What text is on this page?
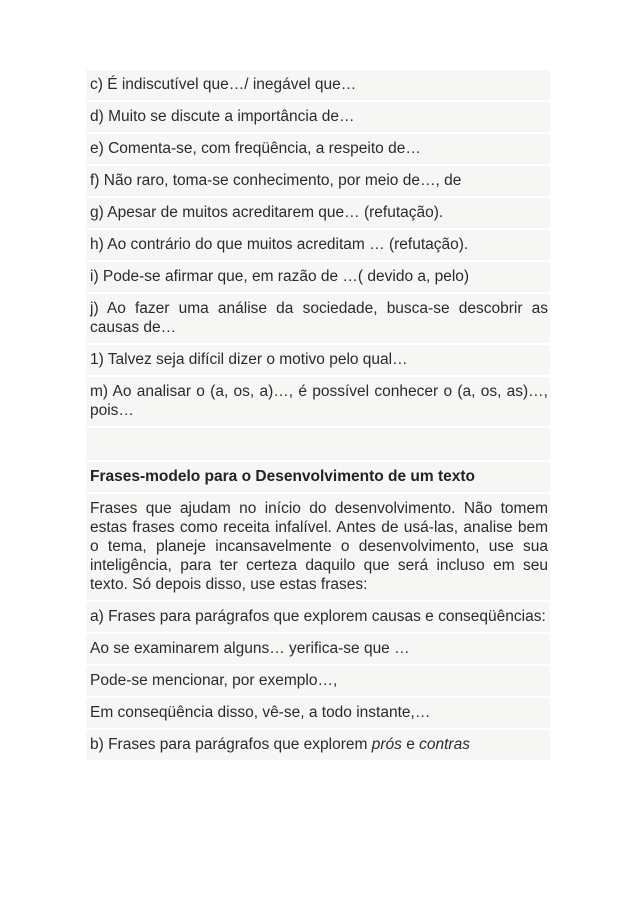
c) É indiscutível que…/ inegável que…
d) Muito se discute a importância de…
e) Comenta-se, com freqüência, a respeito de…
f) Não raro, toma-se conhecimento, por meio de…, de
g) Apesar de muitos acreditarem que… (refutação).
h) Ao contrário do que muitos acreditam … (refutação).
i) Pode-se afirmar que, em razão de …( devido a, pelo)
j) Ao fazer uma análise da sociedade, busca-se descobrir as causas de…
1) Talvez seja difícil dizer o motivo pelo qual…
m) Ao analisar o (a, os, a)…, é possível conhecer o (a, os, as)…, pois…
Frases-modelo para o Desenvolvimento de um texto
Frases que ajudam no início do desenvolvimento. Não tomem estas frases como receita infalível. Antes de usá-las, analise bem o tema, planeje incansavelmente o desenvolvimento, use sua inteligência, para ter certeza daquilo que será incluso em seu texto. Só depois disso, use estas frases:
a) Frases para parágrafos que explorem causas e conseqüências:
Ao se examinarem alguns… yerifica-se que …
Pode-se mencionar, por exemplo…,
Em conseqüência disso, vê-se, a todo instante,…
b) Frases para parágrafos que explorem prós e contras
